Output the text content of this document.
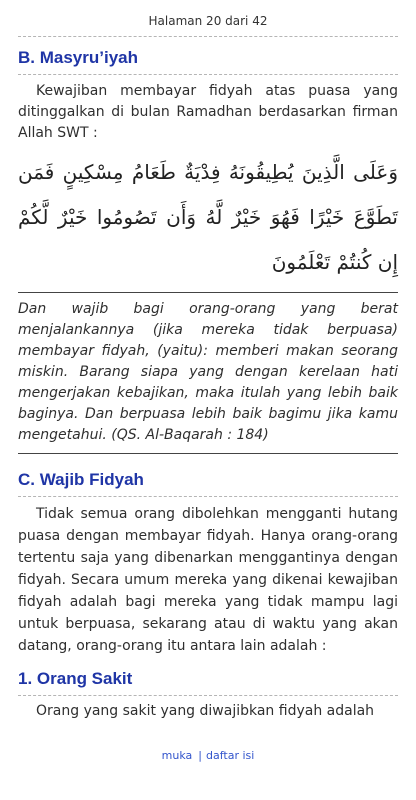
Halaman 20 dari 42
B. Masyru’iyah

Kewajiban membayar fidyah atas puasa yang ditinggalkan di bulan Ramadhan berdasarkan firman Allah SWT :

وَعَلَى الَّذِينَ يُطِيقُونَهُ فِدْيَةٌ طَعَامُ مِسْكِينٍ فَمَن تَطَوَّعَ خَيْرًا فَهُوَ خَيْرٌ لَّهُ وَأَن تَصُومُوا خَيْرٌ لَّكُمْ إِن كُنتُمْ تَعْلَمُونَ

Dan wajib bagi orang-orang yang berat menjalankannya (jika mereka tidak berpuasa) membayar fidyah, (yaitu): memberi makan seorang miskin. Barang siapa yang dengan kerelaan hati mengerjakan kebajikan, maka itulah yang lebih baik baginya. Dan berpuasa lebih baik bagimu jika kamu mengetahui. (QS. Al-Baqarah : 184)

C. Wajib Fidyah

Tidak semua orang dibolehkan mengganti hutang puasa dengan membayar fidyah. Hanya orang-orang tertentu saja yang dibenarkan menggantinya dengan fidyah. Secara umum mereka yang dikenai kewajiban fidyah adalah bagi mereka yang tidak mampu lagi untuk berpuasa, sekarang atau di waktu yang akan datang, orang-orang itu antara lain adalah :

1. Orang Sakit

Orang yang sakit yang diwajibkan fidyah adalah

muka | daftar isi
